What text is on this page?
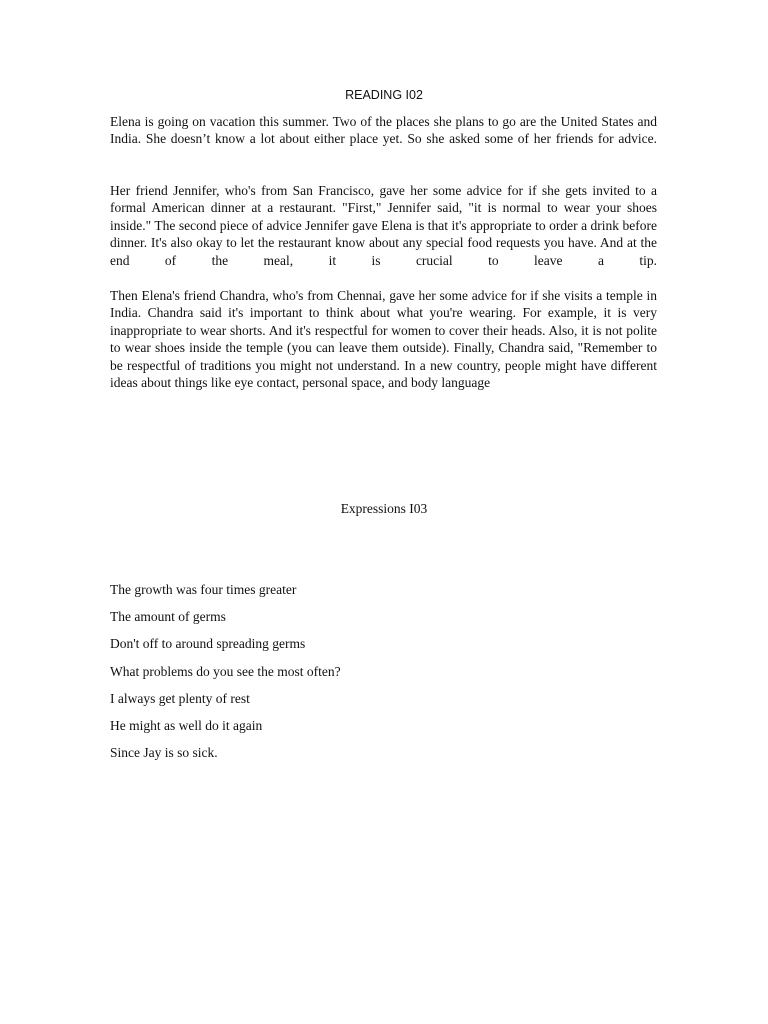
READING I02

Elena is going on vacation this summer. Two of the places she plans to go are the United States and India. She doesn’t know a lot about either place yet. So she asked some of her friends for advice.

Her friend Jennifer, who's from San Francisco, gave her some advice for if she gets invited to a formal American dinner at a restaurant. "First," Jennifer said, "it is normal to wear your shoes inside." The second piece of advice Jennifer gave Elena is that it's appropriate to order a drink before dinner. It's also okay to let the restaurant know about any special food requests you have. And at the end of the meal, it is crucial to leave a tip.

Then Elena's friend Chandra, who's from Chennai, gave her some advice for if she visits a temple in India. Chandra said it's important to think about what you're wearing. For example, it is very inappropriate to wear shorts. And it's respectful for women to cover their heads. Also, it is not polite to wear shoes inside the temple (you can leave them outside). Finally, Chandra said, "Remember to be respectful of traditions you might not understand. In a new country, people might have different ideas about things like eye contact, personal space, and body language

Expressions I03
The growth was four times greater
The amount of germs
Don't off to around spreading germs
What problems do you see the most often?
I always get plenty of rest
He might as well do it again
Since Jay is so sick.
